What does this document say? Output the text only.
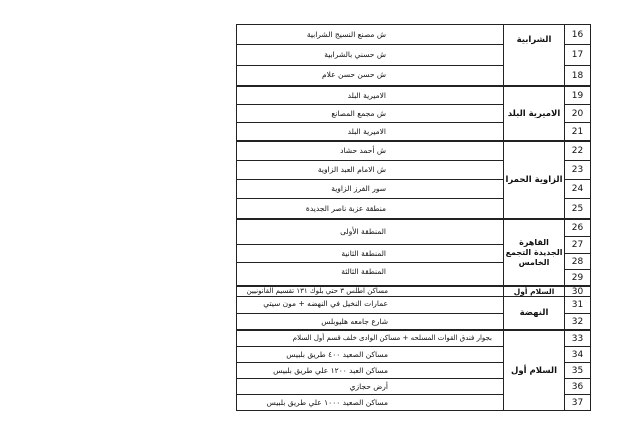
الشرابية
الاميرية البلد
الزاوية الحمرا
القاهرة الجديدة التجمع الخامس
السلام أول
النهضة
السلام أول
ش مصنع النسيج الشرابية
ش حسني بالشرابية
ش حسن حسن علام
الاميرية البلد
ش مجمع المصانع
الاميرية البلد
ش أحمد حشاد
ش الامام العبد الزاوية
سور الفرز الزاوية
منطقة عزبة ناصر الجديدة
المنطقة الأولى
المنطقة الثانية
المنطقة الثالثة
مساكن اطلس ٣ حتي بلوك ١٣١ تقسيم القانونيين
عمارات النخيل في النهضه + مون سيتي
شارع جامعه هليوبلس
بجوار فندق القوات المسلحه + مساكن الوادى خلف قسم أول السلام
مساكن الصعيد ٤٠٠ طريق بلبيس
مساكن العبد ١٢٠٠ علي طريق بلبيس
أرض حجازي
مساكن الصعيد ١٠٠٠ علي طريق بلبيس
16
17
18
19
20
21
22
23
24
25
26
27
28
29
30
31
32
33
34
35
36
37
